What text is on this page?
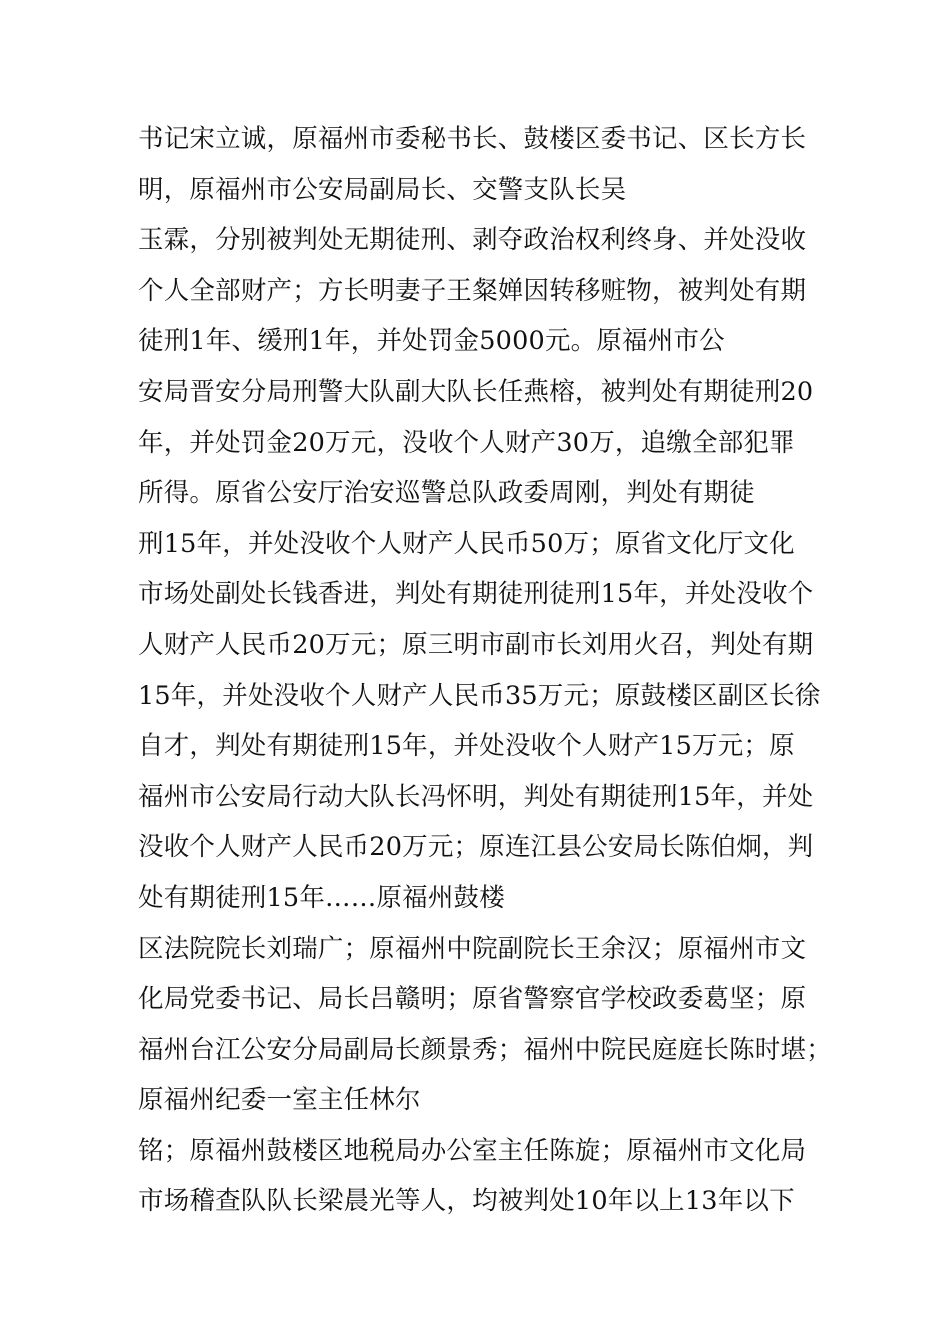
书记宋立诚，原福州市委秘书长、鼓楼区委书记、区长方长
明，原福州市公安局副局长、交警支队长吴
玉霖，分别被判处无期徒刑、剥夺政治权利终身、并处没收
个人全部财产；方长明妻子王粲婵因转移赃物，被判处有期
徒刑1年、缓刑1年，并处罚金5000元。原福州市公
安局晋安分局刑警大队副大队长任燕榕，被判处有期徒刑20
年，并处罚金20万元，没收个人财产30万，追缴全部犯罪
所得。原省公安厅治安巡警总队政委周刚，判处有期徒
刑15年，并处没收个人财产人民币50万；原省文化厅文化
市场处副处长钱香进，判处有期徒刑徒刑15年，并处没收个
人财产人民币20万元；原三明市副市长刘用火召，判处有期
15年，并处没收个人财产人民币35万元；原鼓楼区副区长徐
自才，判处有期徒刑15年，并处没收个人财产15万元；原
福州市公安局行动大队长冯怀明，判处有期徒刑15年，并处
没收个人财产人民币20万元；原连江县公安局长陈伯炯，判
处有期徒刑15年……原福州鼓楼
区法院院长刘瑞广；原福州中院副院长王余汉；原福州市文
化局党委书记、局长吕赣明；原省警察官学校政委葛坚；原
福州台江公安分局副局长颜景秀；福州中院民庭庭长陈时堪；
原福州纪委一室主任林尔
铭；原福州鼓楼区地税局办公室主任陈旋；原福州市文化局
市场稽查队队长梁晨光等人，均被判处10年以上13年以下
